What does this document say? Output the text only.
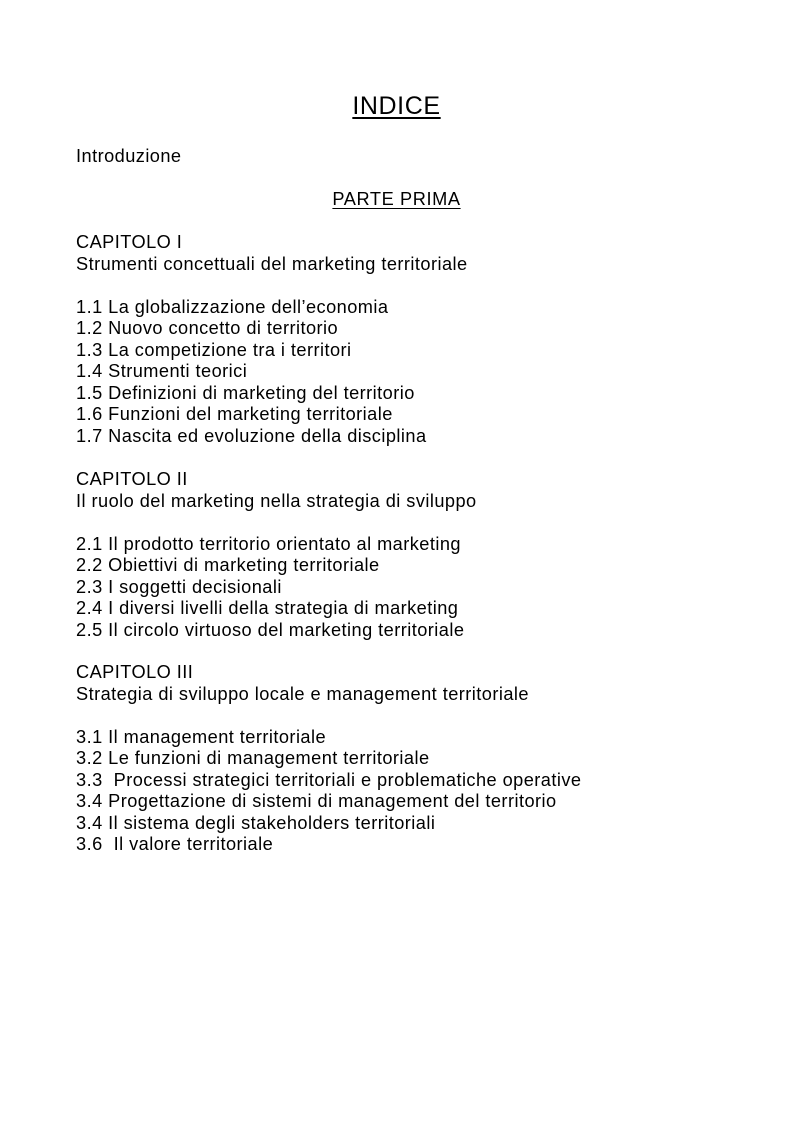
INDICE
Introduzione
PARTE PRIMA
CAPITOLO I
Strumenti concettuali del marketing territoriale
1.1 La globalizzazione dell’economia
1.2 Nuovo concetto di territorio
1.3 La competizione tra i territori
1.4 Strumenti teorici
1.5 Definizioni di marketing del territorio
1.6 Funzioni del marketing territoriale
1.7 Nascita ed evoluzione della disciplina
CAPITOLO II
Il ruolo del marketing nella strategia di sviluppo
2.1 Il prodotto territorio orientato al marketing
2.2 Obiettivi di marketing territoriale
2.3 I soggetti decisionali
2.4 I diversi livelli della strategia di marketing
2.5 Il circolo virtuoso del marketing territoriale
CAPITOLO III
Strategia di sviluppo locale e management territoriale
3.1 Il management territoriale
3.2 Le funzioni di management territoriale
3.3  Processi strategici territoriali e problematiche operative
3.4 Progettazione di sistemi di management del territorio
3.4 Il sistema degli stakeholders territoriali
3.6  Il valore territoriale
